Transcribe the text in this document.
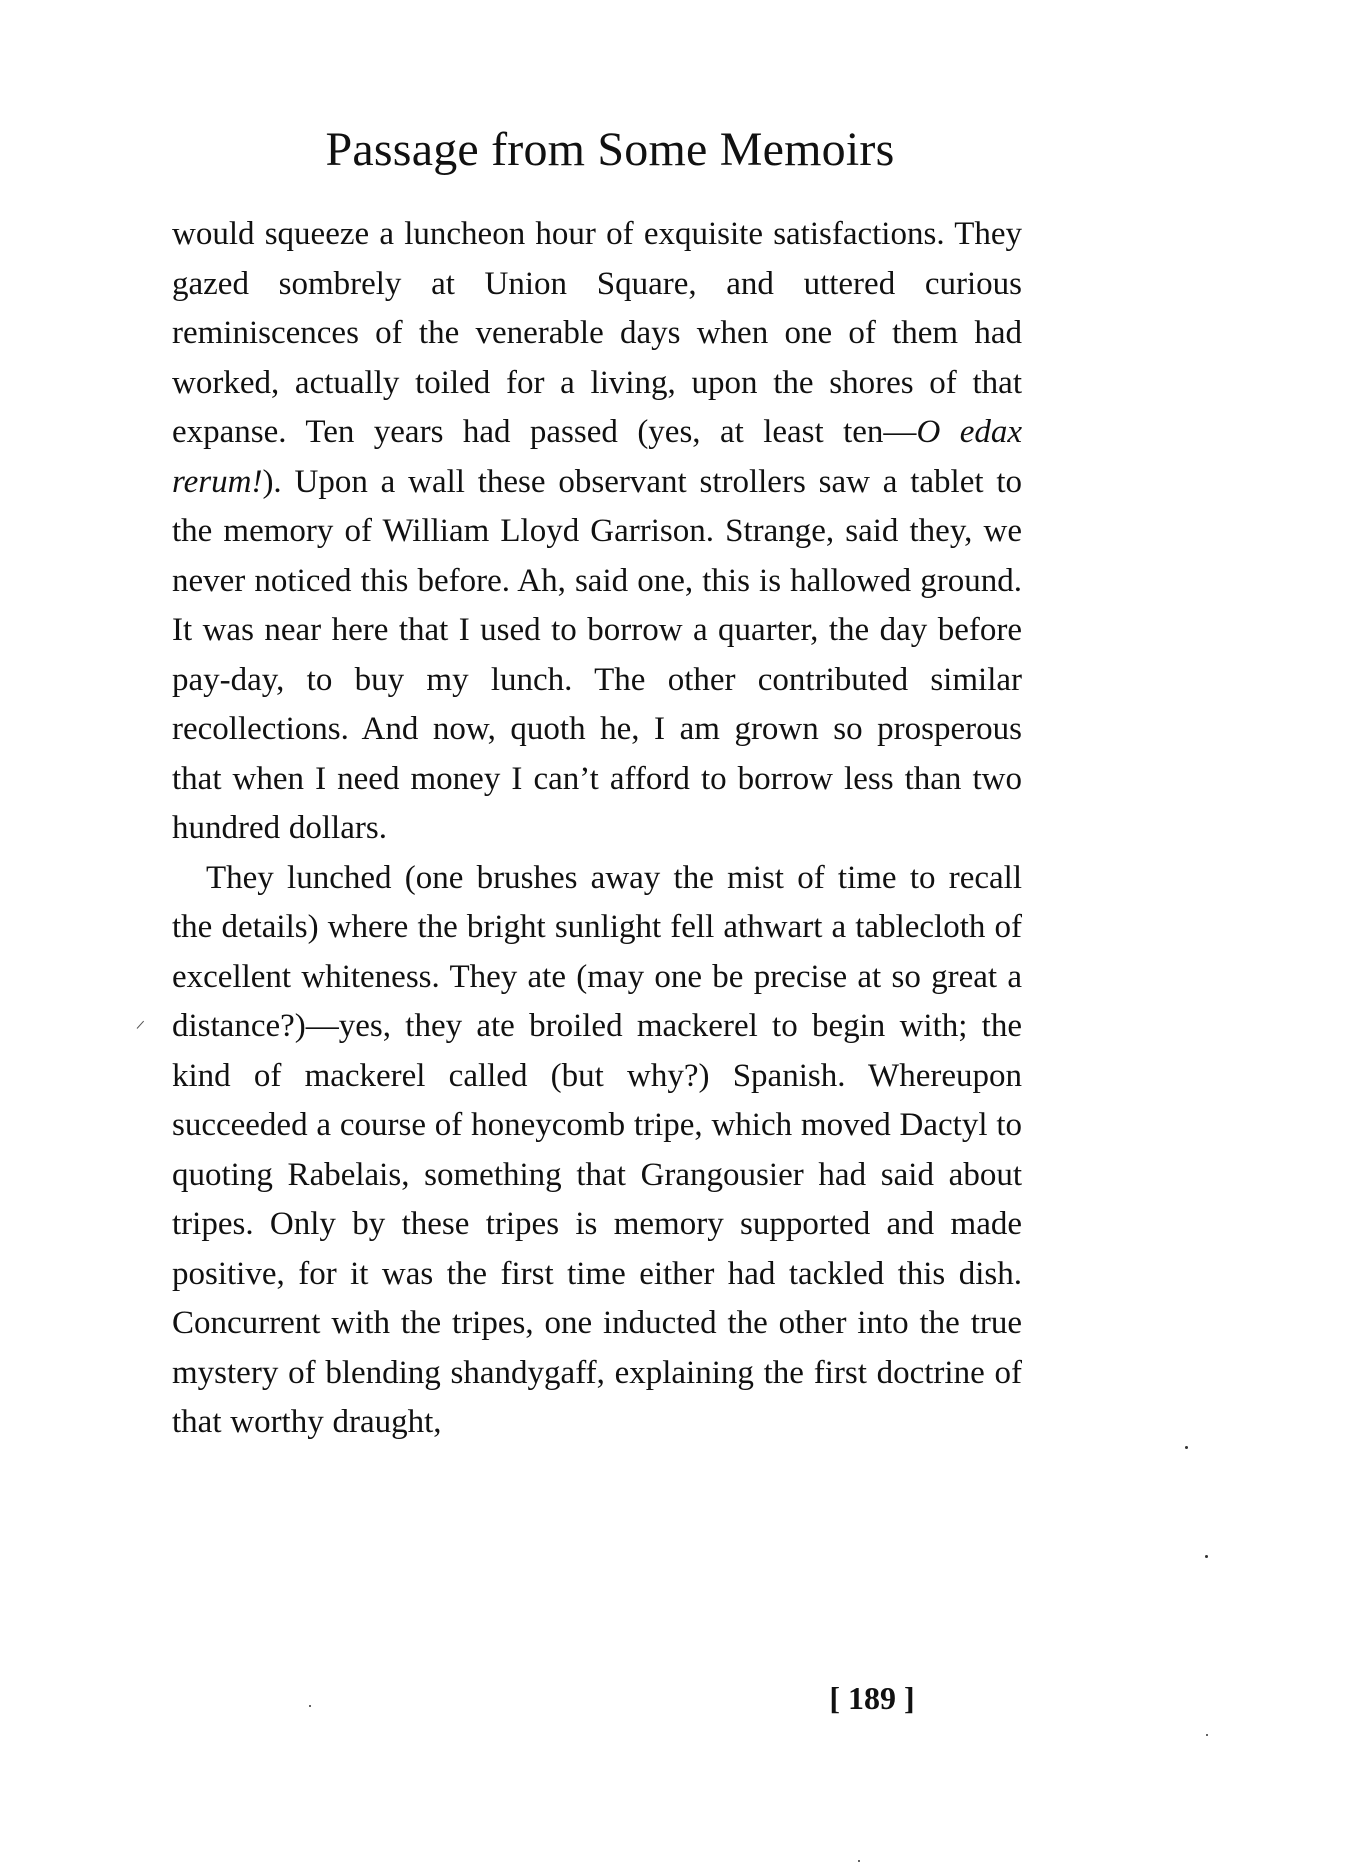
Passage from Some Memoirs

would squeeze a luncheon hour of exquisite satisfactions. They gazed sombrely at Union Square, and uttered curious reminiscences of the venerable days when one of them had worked, actually toiled for a living, upon the shores of that expanse. Ten years had passed (yes, at least ten—O edax rerum!). Upon a wall these observant strollers saw a tablet to the memory of William Lloyd Garrison. Strange, said they, we never noticed this before. Ah, said one, this is hallowed ground. It was near here that I used to borrow a quarter, the day before pay-day, to buy my lunch. The other contributed similar recollections. And now, quoth he, I am grown so prosperous that when I need money I can’t afford to borrow less than two hundred dollars.

They lunched (one brushes away the mist of time to recall the details) where the bright sunlight fell athwart a tablecloth of excellent whiteness. They ate (may one be precise at so great a distance?)—yes, they ate broiled mackerel to begin with; the kind of mackerel called (but why?) Spanish. Whereupon succeeded a course of honeycomb tripe, which moved Dactyl to quoting Rabelais, something that Grangousier had said about tripes. Only by these tripes is memory supported and made positive, for it was the first time either had tackled this dish. Concurrent with the tripes, one inducted the other into the true mystery of blending shandygaff, explaining the first doctrine of that worthy draught,

[ 189 ]
